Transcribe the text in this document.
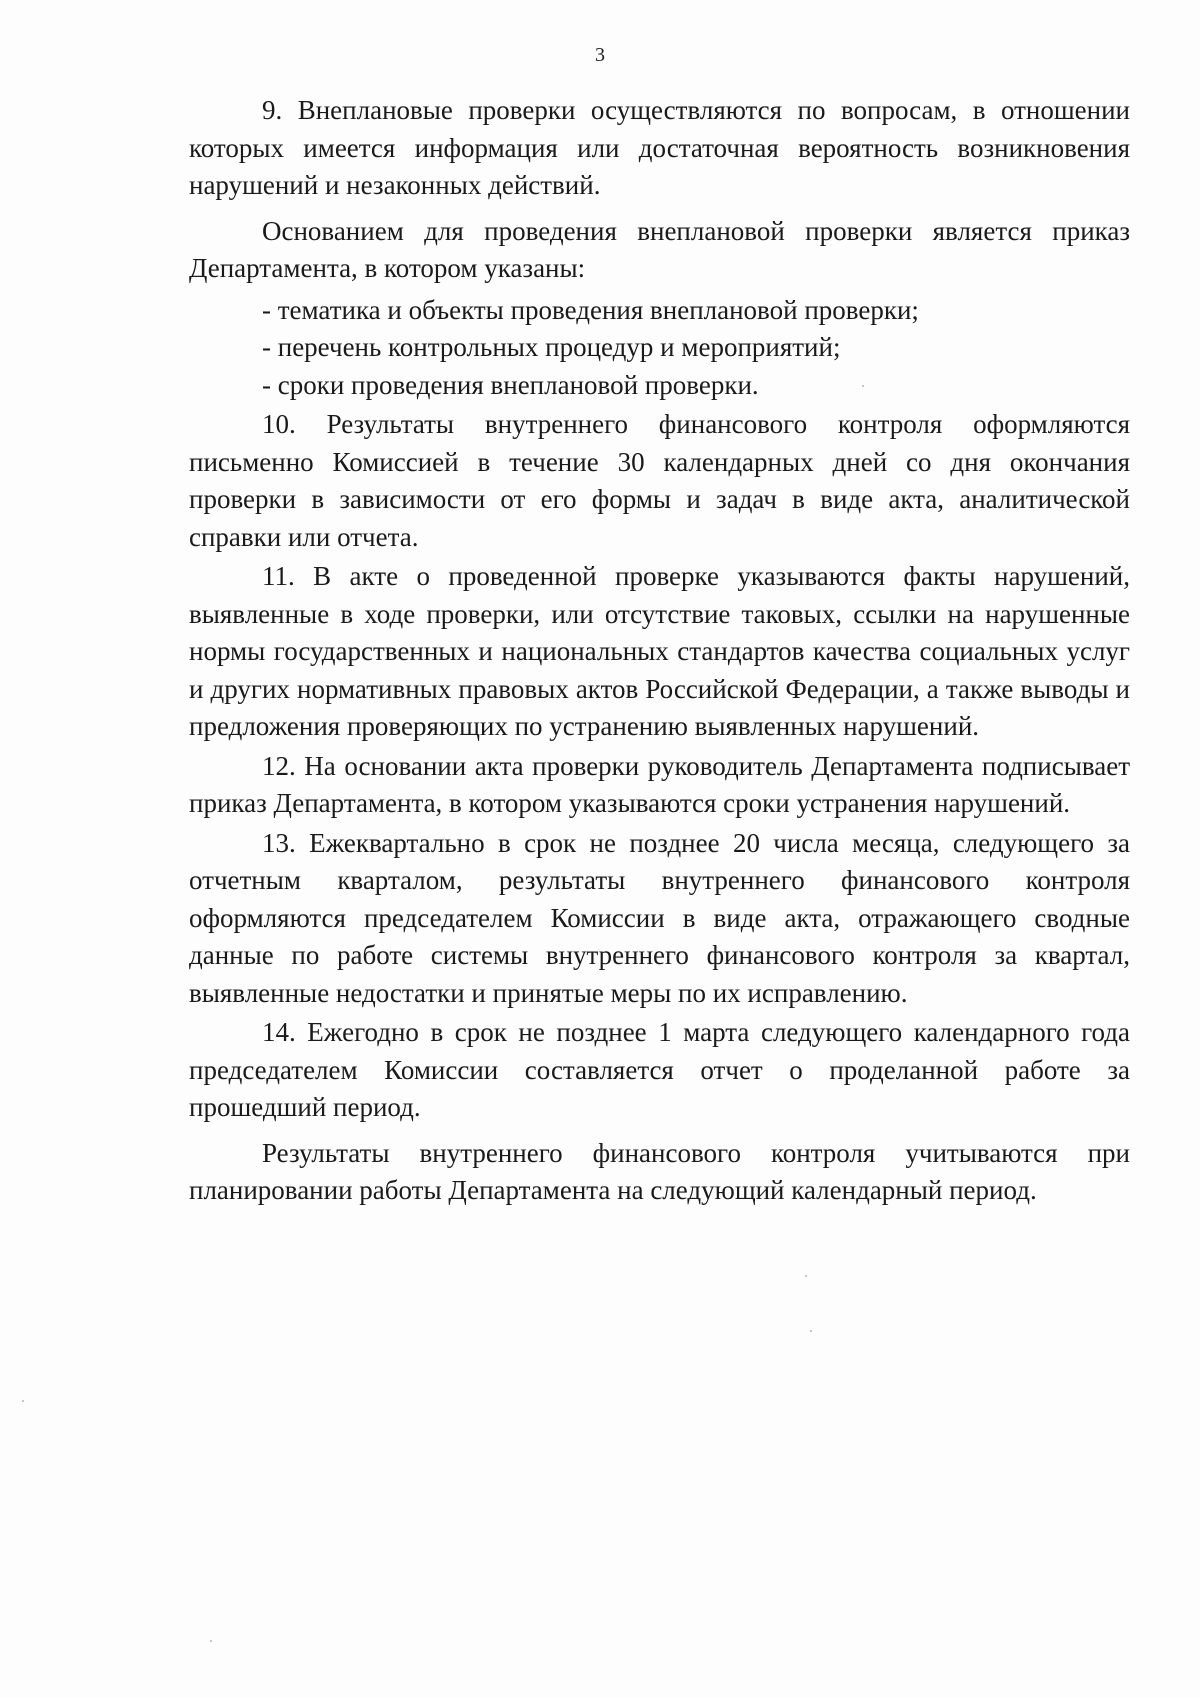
3

9. Внеплановые проверки осуществляются по вопросам, в отношении которых имеется информация или достаточная вероятность возникновения нарушений и незаконных действий.

Основанием для проведения внеплановой проверки является приказ Департамента, в котором указаны:

- тематика и объекты проведения внеплановой проверки;

- перечень контрольных процедур и мероприятий;

- сроки проведения внеплановой проверки.

10. Результаты внутреннего финансового контроля оформляются письменно Комиссией в течение 30 календарных дней со дня окончания проверки в зависимости от его формы и задач в виде акта, аналитической справки или отчета.

11. В акте о проведенной проверке указываются факты нарушений, выявленные в ходе проверки, или отсутствие таковых, ссылки на нарушенные нормы государственных и национальных стандартов качества социальных услуг и других нормативных правовых актов Российской Федерации, а также выводы и предложения проверяющих по устранению выявленных нарушений.

12. На основании акта проверки руководитель Департамента подписывает приказ Департамента, в котором указываются сроки устранения нарушений.

13. Ежеквартально в срок не позднее 20 числа месяца, следующего за отчетным кварталом, результаты внутреннего финансового контроля оформляются председателем Комиссии в виде акта, отражающего сводные данные по работе системы внутреннего финансового контроля за квартал, выявленные недостатки и принятые меры по их исправлению.

14. Ежегодно в срок не позднее 1 марта следующего календарного года председателем Комиссии составляется отчет о проделанной работе за прошедший период.

Результаты внутреннего финансового контроля учитываются при планировании работы Департамента на следующий календарный период.
